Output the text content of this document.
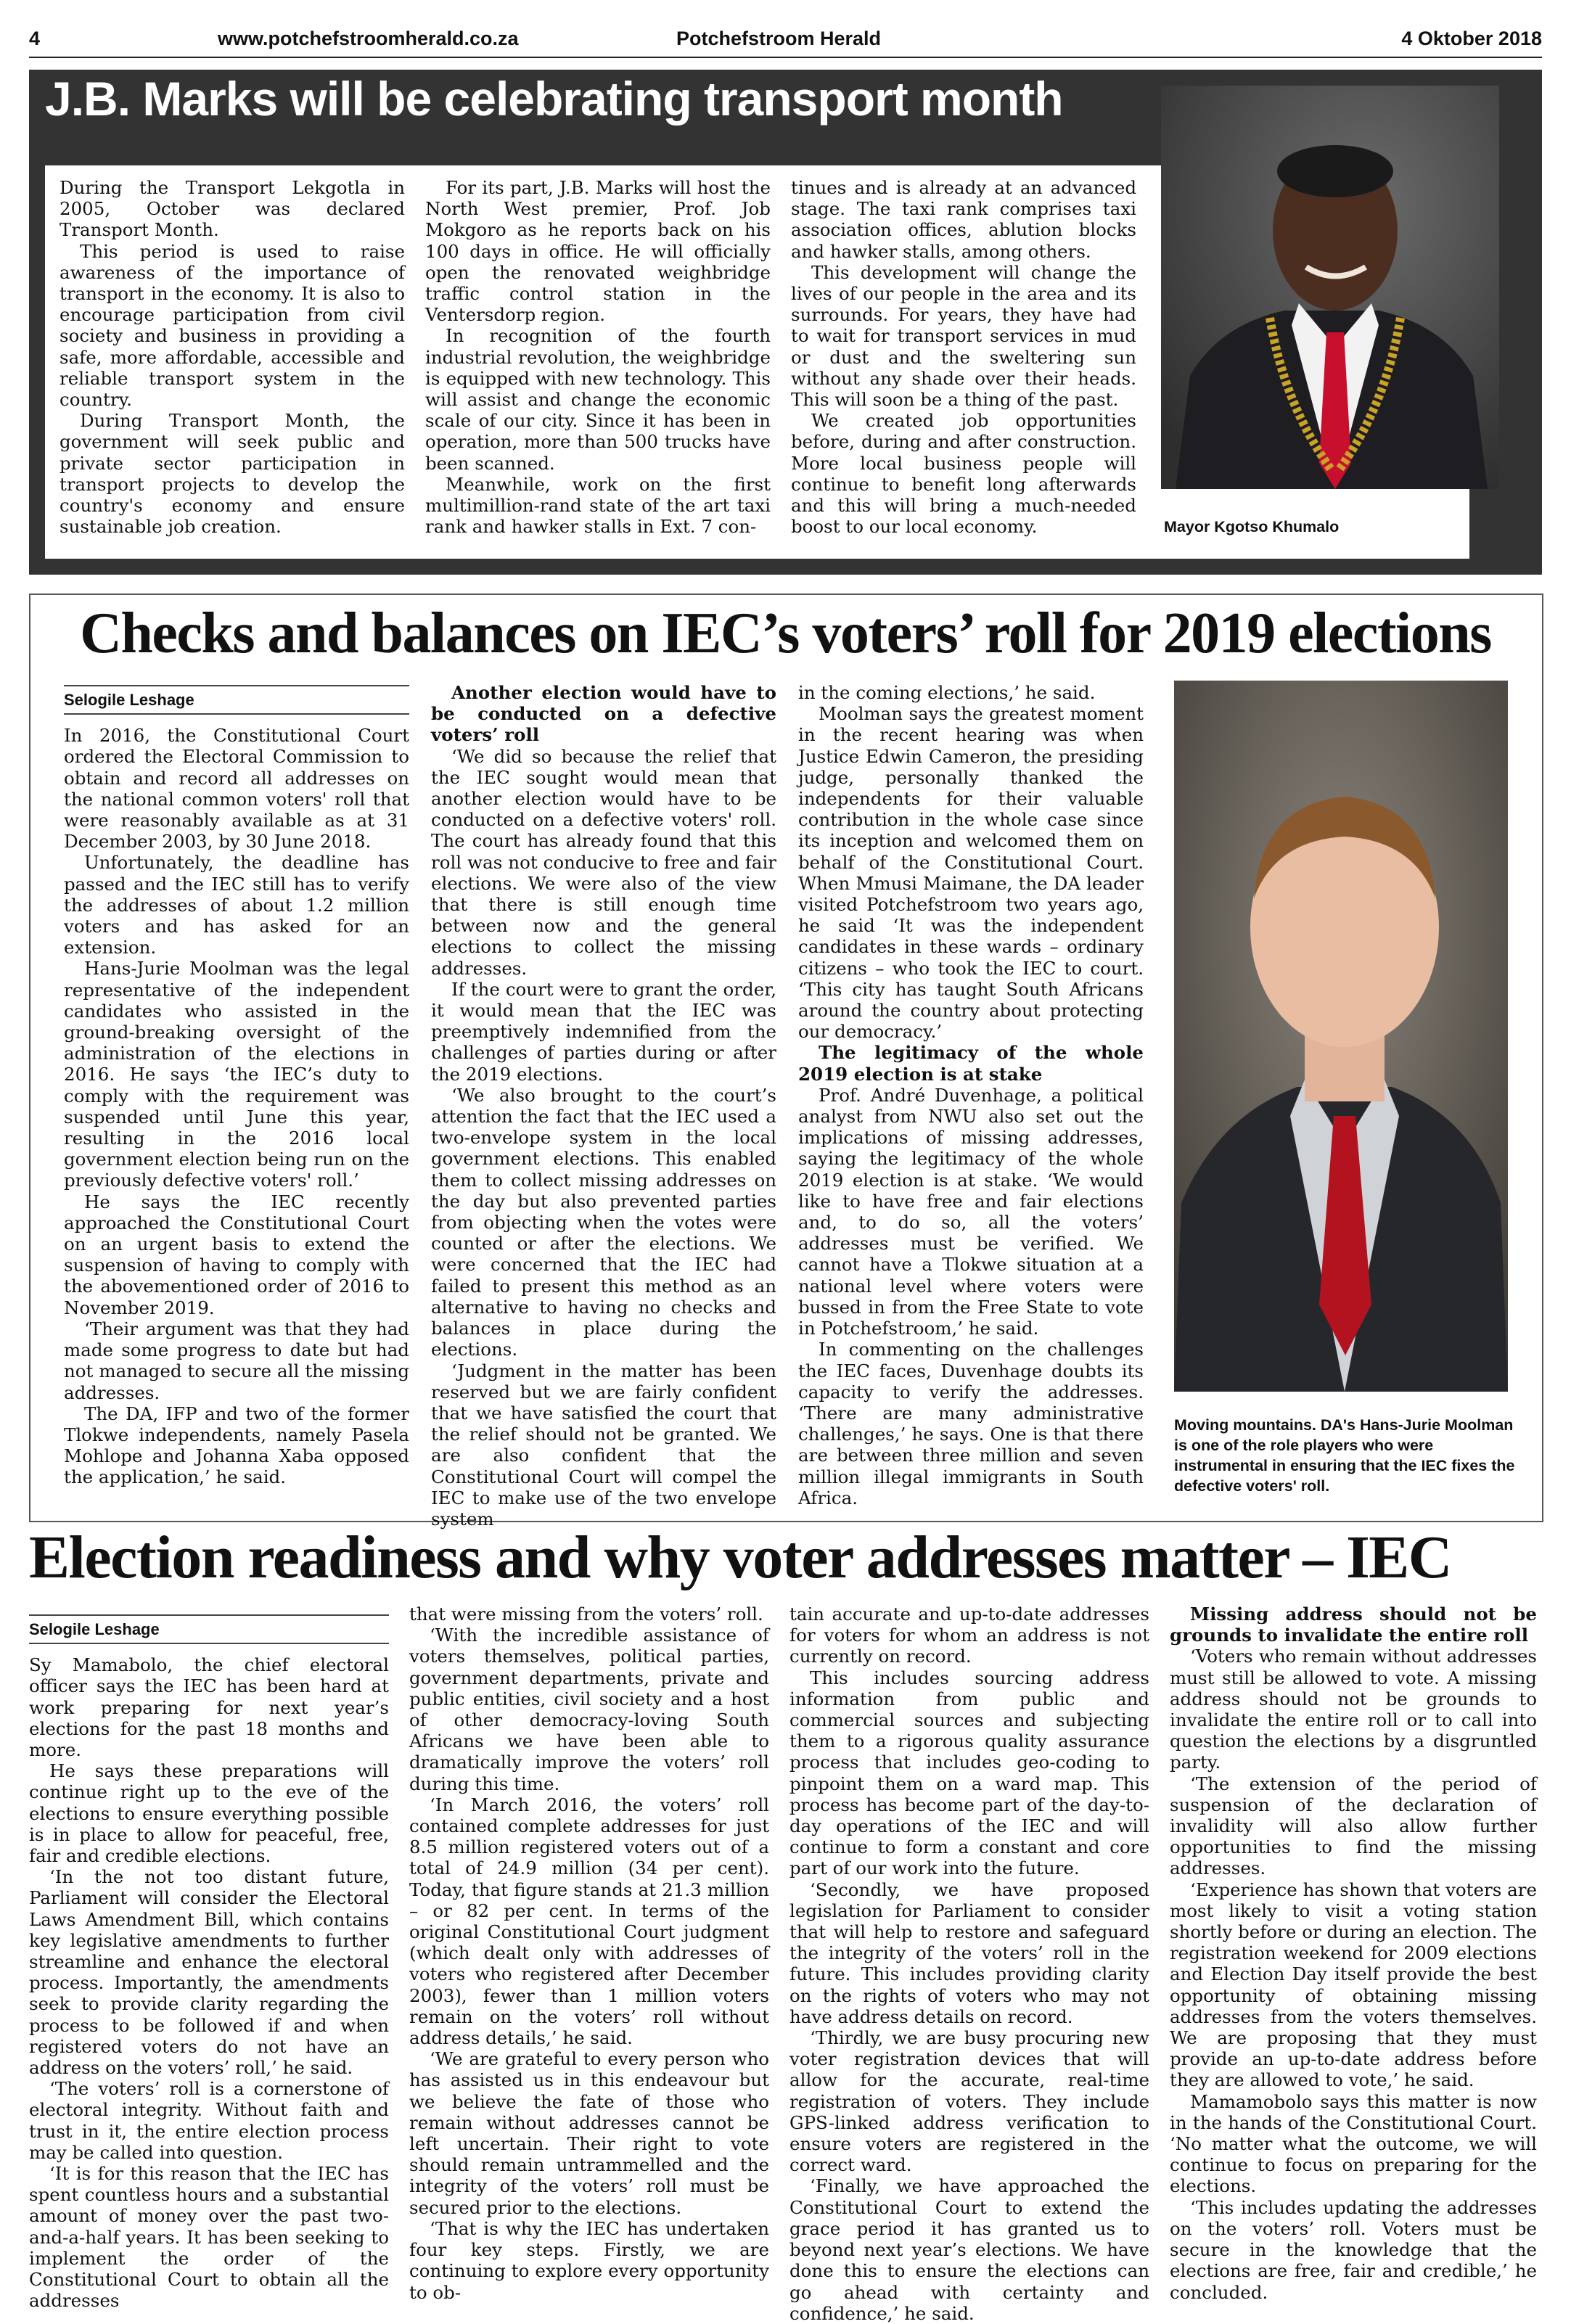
4	www.potchefstroomherald.co.za	Potchefstroom Herald	4 Oktober 2018
J.B. Marks will be celebrating transport month

During the Transport Lekgotla in 2005, October was declared Transport Month.

This period is used to raise awareness of the importance of transport in the economy. It is also to encourage participation from civil society and business in providing a safe, more affordable, accessible and reliable transport system in the country.

During Transport Month, the government will seek public and private sector participation in transport projects to develop the country's economy and ensure sustainable job creation.

For its part, J.B. Marks will host the North West premier, Prof. Job Mokgoro as he reports back on his 100 days in office. He will officially open the renovated weighbridge traffic control station in the Ventersdorp region.

In recognition of the fourth industrial revolution, the weighbridge is equipped with new technology. This will assist and change the economic scale of our city. Since it has been in operation, more than 500 trucks have been scanned.

Meanwhile, work on the first multimillion-rand state of the art taxi rank and hawker stalls in Ext. 7 con-

tinues and is already at an advanced stage. The taxi rank comprises taxi association offices, ablution blocks and hawker stalls, among others.

This development will change the lives of our people in the area and its surrounds. For years, they have had to wait for transport services in mud or dust and the sweltering sun without any shade over their heads. This will soon be a thing of the past.

We created job opportunities before, during and after construction. More local business people will continue to benefit long afterwards and this will bring a much-needed boost to our local economy.	Mayor Kgotso Khumalo
Checks and balances on IEC’s voters’ roll for 2019 elections
Selogile Leshage

In 2016, the Constitutional Court ordered the Electoral Commission to obtain and record all addresses on the national common voters' roll that were reasonably available as at 31 December 2003, by 30 June 2018.

Unfortunately, the deadline has passed and the IEC still has to verify the addresses of about 1.2 million voters and has asked for an extension.

Hans-Jurie Moolman was the legal representative of the independent candidates who assisted in the ground-breaking oversight of the administration of the elections in 2016. He says ‘the IEC’s duty to comply with the requirement was suspended until June this year, resulting in the 2016 local government election being run on the previously defective voters' roll.’

He says the IEC recently approached the Constitutional Court on an urgent basis to extend the suspension of having to comply with the abovementioned order of 2016 to November 2019.

‘Their argument was that they had made some progress to date but had not managed to secure all the missing addresses.

The DA, IFP and two of the former Tlokwe independents, namely Pasela Mohlope and Johanna Xaba opposed the application,’ he said.

Another election would have to be conducted on a defective voters’ roll

‘We did so because the relief that the IEC sought would mean that another election would have to be conducted on a defective voters' roll. The court has already found that this roll was not conducive to free and fair elections. We were also of the view that there is still enough time between now and the general elections to collect the missing addresses.

If the court were to grant the order, it would mean that the IEC was preemptively indemnified from the challenges of parties during or after the 2019 elections.

‘We also brought to the court’s attention the fact that the IEC used a two-envelope system in the local government elections. This enabled them to collect missing addresses on the day but also prevented parties from objecting when the votes were counted or after the elections. We were concerned that the IEC had failed to present this method as an alternative to having no checks and balances in place during the elections.

‘Judgment in the matter has been reserved but we are fairly confident that we have satisfied the court that the relief should not be granted. We are also confident that the Constitutional Court will compel the IEC to make use of the two envelope system

in the coming elections,’ he said.

Moolman says the greatest moment in the recent hearing was when Justice Edwin Cameron, the presiding judge, personally thanked the independents for their valuable contribution in the whole case since its inception and welcomed them on behalf of the Constitutional Court. When Mmusi Maimane, the DA leader visited Potchefstroom two years ago, he said ‘It was the independent candidates in these wards – ordinary citizens – who took the IEC to court. ‘This city has taught South Africans around the country about protecting our democracy.’

The legitimacy of the whole 2019 election is at stake

Prof. André Duvenhage, a political analyst from NWU also set out the implications of missing addresses, saying the legitimacy of the whole 2019 election is at stake. ‘We would like to have free and fair elections and, to do so, all the voters’ addresses must be verified. We cannot have a Tlokwe situation at a national level where voters were bussed in from the Free State to vote in Potchefstroom,’ he said.

In commenting on the challenges the IEC faces, Duvenhage doubts its capacity to verify the addresses. ‘There are many administrative challenges,’ he says. One is that there are between three million and seven million illegal immigrants in South Africa.

Moving mountains. DA's Hans-Jurie Moolman is one of the role players who were instrumental in ensuring that the IEC fixes the defective voters' roll.
Election readiness and why voter addresses matter – IEC
Selogile Leshage

Sy Mamabolo, the chief electoral officer says the IEC has been hard at work preparing for next year’s elections for the past 18 months and more.

He says these preparations will continue right up to the eve of the elections to ensure everything possible is in place to allow for peaceful, free, fair and credible elections.

‘In the not too distant future, Parliament will consider the Electoral Laws Amendment Bill, which contains key legislative amendments to further streamline and enhance the electoral process. Importantly, the amendments seek to provide clarity regarding the process to be followed if and when registered voters do not have an address on the voters’ roll,’ he said.

‘The voters’ roll is a cornerstone of electoral integrity. Without faith and trust in it, the entire election process may be called into question.

‘It is for this reason that the IEC has spent countless hours and a substantial amount of money over the past two-and-a-half years. It has been seeking to implement the order of the Constitutional Court to obtain all the addresses

that were missing from the voters’ roll.

‘With the incredible assistance of voters themselves, political parties, government departments, private and public entities, civil society and a host of other democracy-loving South Africans we have been able to dramatically improve the voters’ roll during this time.

‘In March 2016, the voters’ roll contained complete addresses for just 8.5 million registered voters out of a total of 24.9 million (34 per cent). Today, that figure stands at 21.3 million – or 82 per cent. In terms of the original Constitutional Court judgment (which dealt only with addresses of voters who registered after December 2003), fewer than 1 million voters remain on the voters’ roll without address details,’ he said.

‘We are grateful to every person who has assisted us in this endeavour but we believe the fate of those who remain without addresses cannot be left uncertain. Their right to vote should remain untrammelled and the integrity of the voters’ roll must be secured prior to the elections.

‘That is why the IEC has undertaken four key steps. Firstly, we are continuing to explore every opportunity to ob-

tain accurate and up-to-date addresses for voters for whom an address is not currently on record.

This includes sourcing address information from public and commercial sources and subjecting them to a rigorous quality assurance process that includes geo-coding to pinpoint them on a ward map. This process has become part of the day-to-day operations of the IEC and will continue to form a constant and core part of our work into the future.

‘Secondly, we have proposed legislation for Parliament to consider that will help to restore and safeguard the integrity of the voters’ roll in the future. This includes providing clarity on the rights of voters who may not have address details on record.

‘Thirdly, we are busy procuring new voter registration devices that will allow for the accurate, real-time registration of voters. They include GPS-linked address verification to ensure voters are registered in the correct ward.

‘Finally, we have approached the Constitutional Court to extend the grace period it has granted us to beyond next year’s elections. We have done this to ensure the elections can go ahead with certainty and confidence,’ he said.

Missing address should not be grounds to invalidate the entire roll

‘Voters who remain without addresses must still be allowed to vote. A missing address should not be grounds to invalidate the entire roll or to call into question the elections by a disgruntled party.

‘The extension of the period of suspension of the declaration of invalidity will also allow further opportunities to find the missing addresses.

‘Experience has shown that voters are most likely to visit a voting station shortly before or during an election. The registration weekend for 2009 elections and Election Day itself provide the best opportunity of obtaining missing addresses from the voters themselves. We are proposing that they must provide an up-to-date address before they are allowed to vote,’ he said.

Mamamobolo says this matter is now in the hands of the Constitutional Court. ‘No matter what the outcome, we will continue to focus on preparing for the elections.

‘This includes updating the addresses on the voters’ roll. Voters must be secure in the knowledge that the elections are free, fair and credible,’ he concluded.
